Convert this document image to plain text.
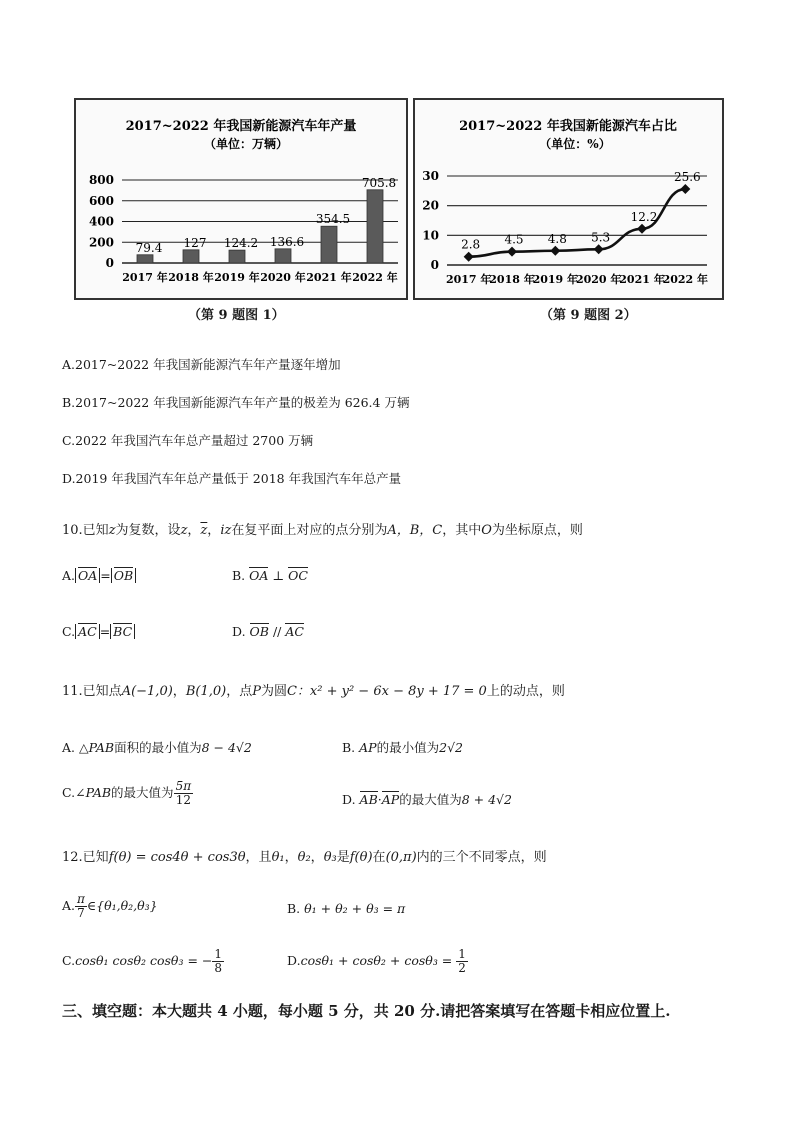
2017~2022 年我国新能源汽车年产量
（单位：万辆）
0
200
400
600
800
79.4
2017 年
127
2018 年
124.2
2019 年
136.6
2020 年
354.5
2021 年
705.8
2022 年
（第 9 题图 1）
2017~2022 年我国新能源汽车占比
（单位：%）
0
10
20
30
2.8
2017 年
4.5
2018 年
4.8
2019 年
5.3
2020 年
12.2
2021 年
25.6
2022 年
（第 9 题图 2）
A.2017~2022 年我国新能源汽车年产量逐年增加
B.2017~2022 年我国新能源汽车年产量的极差为 626.4 万辆
C.2022 年我国汽车年总产量超过 2700 万辆
D.2019 年我国汽车年总产量低于 2018 年我国汽车年总产量
10.已知z为复数，设z，$\overline{z}$，iz在复平面上对应的点分别为A，B，C，其中O为坐标原点，则
A. OA = OB	B. OA ⊥ OC
C. AC = BC	D. OB // AC
11.已知点A(−1,0)，B(1,0)，点P为圆C：x² + y² − 6x − 8y + 17 = 0上的动点，则
A. △PAB面积的最小值为8 − 4√2	B. AP的最小值为2√2
C.∠PAB的最大值为 $\frac{5\pi}{12}$	D. AB·AP的最大值为8 + 4√2
12.已知f(θ) = cos4θ + cos3θ，且θ₁，θ₂，θ₃是f(θ)在(0,π)内的三个不同零点，则
A. $\frac{\pi}{7}$ ∈{θ₁,θ₂,θ₃}	B. θ₁ + θ₂ + θ₃ = π
C.cosθ₁ cosθ₂ cosθ₃ = − $\frac{1}{8}$	$D.\cos\theta_1 + \cos\theta_2 + \cos\theta_3 = \frac{1}{2}$
三、填空题：本大题共 4 小题，每小题 5 分，共 20 分.请把答案填写在答题卡相应位置上.
